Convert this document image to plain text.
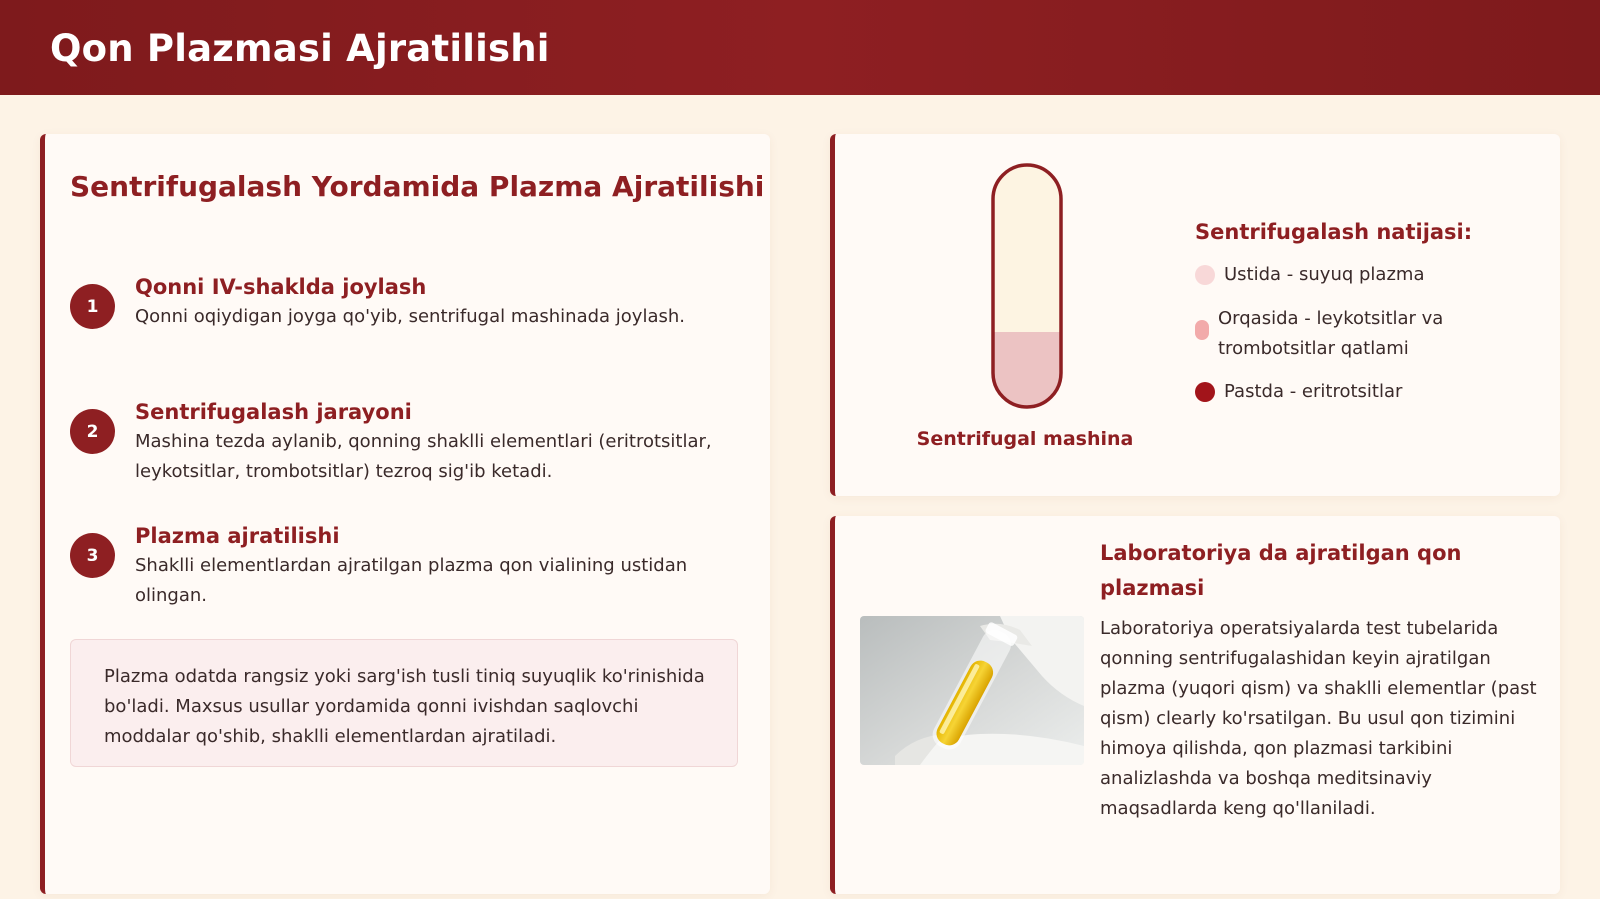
Qon Plazmasi Ajratilishi
Sentrifugalash Yordamida Plazma Ajratilishi
1
Qonni IV-shaklda joylash
Qonni oqiydigan joyga qo'yib, sentrifugal mashinada joylash.
2
Sentrifugalash jarayoni
Mashina tezda aylanib, qonning shaklli elementlari (eritrotsitlar, leykotsitlar, trombotsitlar) tezroq sig'ib ketadi.
3
Plazma ajratilishi
Shaklli elementlardan ajratilgan plazma qon vialining ustidan olingan.
Plazma odatda rangsiz yoki sarg'ish tusli tiniq suyuqlik ko'rinishida bo'ladi. Maxsus usullar yordamida qonni ivishdan saqlovchi moddalar qo'shib, shaklli elementlardan ajratiladi.
Sentrifugal mashina
Sentrifugalash natijasi:
Ustida - suyuq plazma
Orqasida - leykotsitlar va trombotsitlar qatlami
Pastda - eritrotsitlar
Laboratoriya da ajratilgan qon plazmasi
Laboratoriya operatsiyalarda test tubelarida qonning sentrifugalashidan keyin ajratilgan plazma (yuqori qism) va shaklli elementlar (past qism) clearly ko'rsatilgan. Bu usul qon tizimini himoya qilishda, qon plazmasi tarkibini analizlashda va boshqa meditsinaviy maqsadlarda keng qo'llaniladi.
